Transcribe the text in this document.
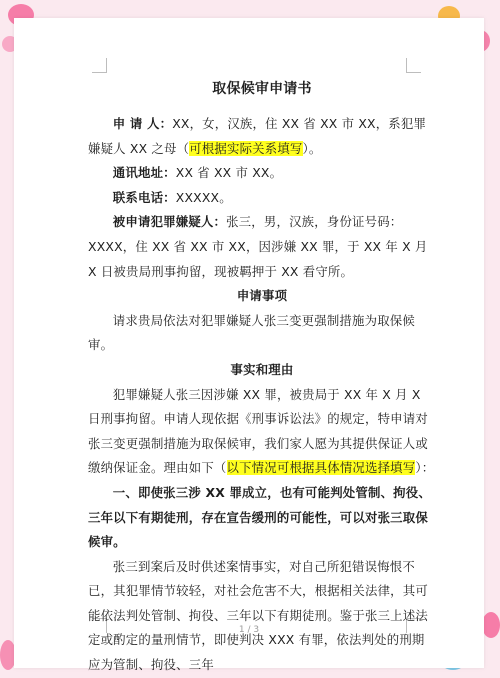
取保候审申请书

申 请 人：XX，女，汉族，住 XX 省 XX 市 XX，系犯罪嫌疑人 XX 之母（可根据实际关系填写）。

通讯地址：XX 省 XX 市 XX。

联系电话：XXXXX。

被申请犯罪嫌疑人：张三，男，汉族，身份证号码：XXXX，住 XX 省 XX 市 XX，因涉嫌 XX 罪，于 XX 年 X 月 X 日被贵局刑事拘留，现被羁押于 XX 看守所。

申请事项

请求贵局依法对犯罪嫌疑人张三变更强制措施为取保候审。

事实和理由

犯罪嫌疑人张三因涉嫌 XX 罪，被贵局于 XX 年 X 月 X 日刑事拘留。申请人现依据《刑事诉讼法》的规定，特申请对张三变更强制措施为取保候审，我们家人愿为其提供保证人或缴纳保证金。理由如下（以下情况可根据具体情况选择填写）：

一、即使张三涉 XX 罪成立，也有可能判处管制、拘役、三年以下有期徒刑，存在宣告缓刑的可能性，可以对张三取保候审。

张三到案后及时供述案情事实，对自己所犯错误悔恨不已，其犯罪情节较轻，对社会危害不大，根据相关法律，其可能依法判处管制、拘役、三年以下有期徒刑。鉴于张三上述法定或酌定的量刑情节，即使判决 XXX 有罪，依法判处的刑期应为管制、拘役、三年

1 / 3
